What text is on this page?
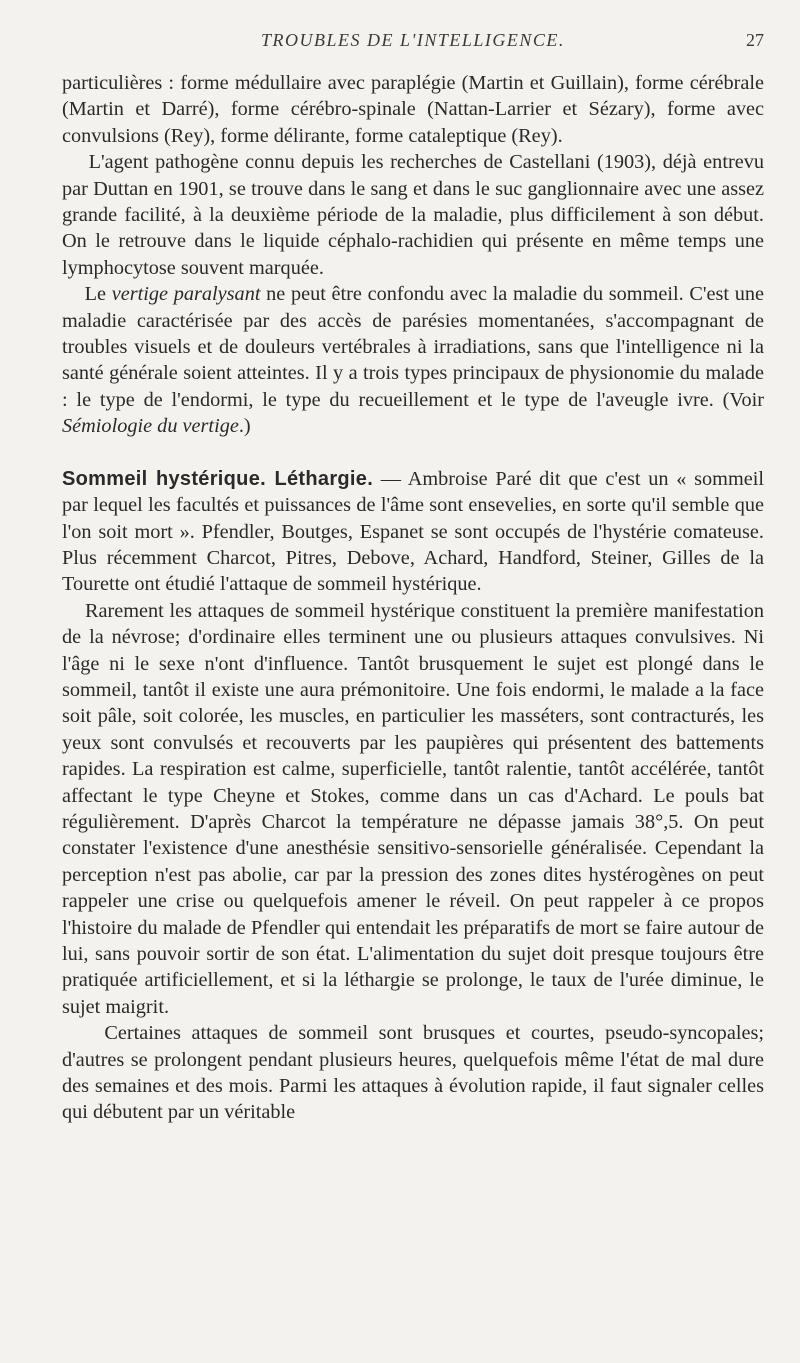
TROUBLES DE L'INTELLIGENCE.	27

particulières : forme médullaire avec paraplégie (Martin et Guillain), forme cérébrale (Martin et Darré), forme cérébro-spinale (Nattan-Larrier et Sézary), forme avec convulsions (Rey), forme délirante, forme cataleptique (Rey).

L'agent pathogène connu depuis les recherches de Castellani (1903), déjà entrevu par Duttan en 1901, se trouve dans le sang et dans le suc ganglionnaire avec une assez grande facilité, à la deuxième période de la maladie, plus difficilement à son début. On le retrouve dans le liquide céphalo-rachidien qui présente en même temps une lymphocytose souvent marquée.

Le vertige paralysant ne peut être confondu avec la maladie du sommeil. C'est une maladie caractérisée par des accès de parésies momentanées, s'accompagnant de troubles visuels et de douleurs vertébrales à irradiations, sans que l'intelligence ni la santé générale soient atteintes. Il y a trois types principaux de physionomie du malade : le type de l'endormi, le type du recueillement et le type de l'aveugle ivre. (Voir Sémiologie du vertige.)

Sommeil hystérique. Léthargie. — Ambroise Paré dit que c'est un « sommeil par lequel les facultés et puissances de l'âme sont ensevelies, en sorte qu'il semble que l'on soit mort ». Pfendler, Boutges, Espanet se sont occupés de l'hystérie comateuse. Plus récemment Charcot, Pitres, Debove, Achard, Handford, Steiner, Gilles de la Tourette ont étudié l'attaque de sommeil hystérique.

Rarement les attaques de sommeil hystérique constituent la première manifestation de la névrose; d'ordinaire elles terminent une ou plusieurs attaques convulsives. Ni l'âge ni le sexe n'ont d'influence. Tantôt brusquement le sujet est plongé dans le sommeil, tantôt il existe une aura prémonitoire. Une fois endormi, le malade a la face soit pâle, soit colorée, les muscles, en particulier les masséters, sont contracturés, les yeux sont convulsés et recouverts par les paupières qui présentent des battements rapides. La respiration est calme, superficielle, tantôt ralentie, tantôt accélérée, tantôt affectant le type Cheyne et Stokes, comme dans un cas d'Achard. Le pouls bat régulièrement. D'après Charcot la température ne dépasse jamais 38°,5. On peut constater l'existence d'une anesthésie sensitivo-sensorielle généralisée. Cependant la perception n'est pas abolie, car par la pression des zones dites hystérogènes on peut rappeler une crise ou quelquefois amener le réveil. On peut rappeler à ce propos l'histoire du malade de Pfendler qui entendait les préparatifs de mort se faire autour de lui, sans pouvoir sortir de son état. L'alimentation du sujet doit presque toujours être pratiquée artificiellement, et si la léthargie se prolonge, le taux de l'urée diminue, le sujet maigrit.

Certaines attaques de sommeil sont brusques et courtes, pseudo-syncopales; d'autres se prolongent pendant plusieurs heures, quelquefois même l'état de mal dure des semaines et des mois. Parmi les attaques à évolution rapide, il faut signaler celles qui débutent par un véritable
